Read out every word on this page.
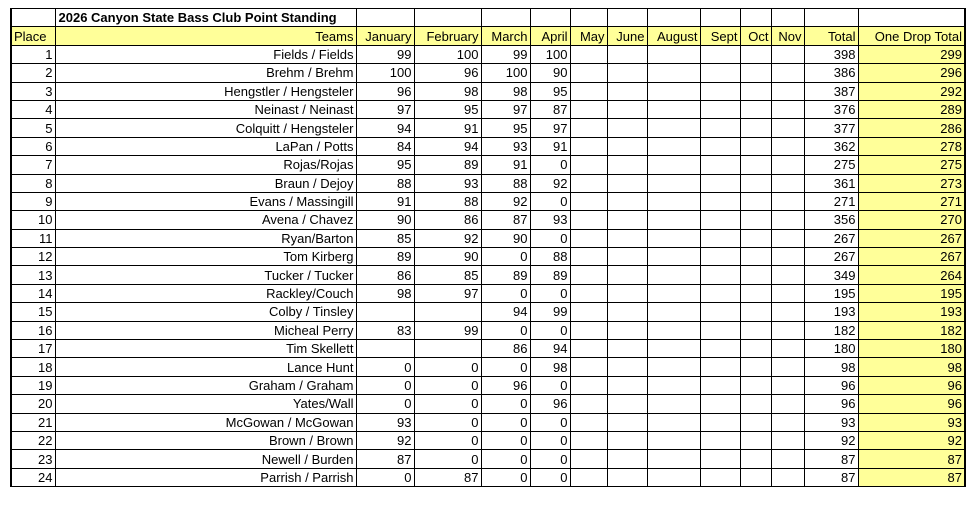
	2026 Canyon State Bass Club Point Standing												
Place	Teams	January	February	March	April	May	June	August	Sept	Oct	Nov	Total	One Drop Total
1	Fields / Fields	99	100	99	100							398	299
2	Brehm / Brehm	100	96	100	90							386	296
3	Hengstler / Hengsteler	96	98	98	95							387	292
4	Neinast / Neinast	97	95	97	87							376	289
5	Colquitt / Hengsteler	94	91	95	97							377	286
6	LaPan / Potts	84	94	93	91							362	278
7	Rojas/Rojas	95	89	91	0							275	275
8	Braun / Dejoy	88	93	88	92							361	273
9	Evans / Massingill	91	88	92	0							271	271
10	Avena / Chavez	90	86	87	93							356	270
11	Ryan/Barton	85	92	90	0							267	267
12	Tom Kirberg	89	90	0	88							267	267
13	Tucker / Tucker	86	85	89	89							349	264
14	Rackley/Couch	98	97	0	0							195	195
15	Colby / Tinsley			94	99							193	193
16	Micheal Perry	83	99	0	0							182	182
17	Tim Skellett			86	94							180	180
18	Lance Hunt	0	0	0	98							98	98
19	Graham / Graham	0	0	96	0							96	96
20	Yates/Wall	0	0	0	96							96	96
21	McGowan / McGowan	93	0	0	0							93	93
22	Brown / Brown	92	0	0	0							92	92
23	Newell / Burden	87	0	0	0							87	87
24	Parrish / Parrish	0	87	0	0							87	87
